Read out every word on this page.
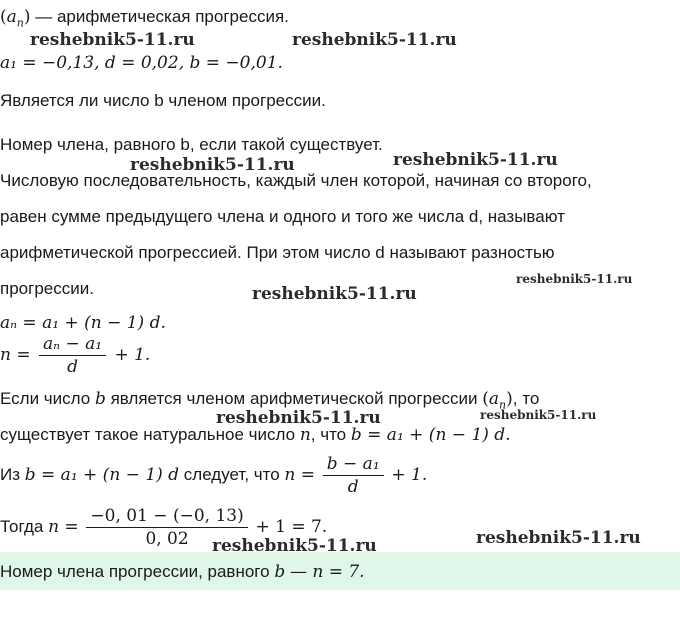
$(a_n)$ — арифметическая прогрессия.
a₁ = −0,13, d = 0,02, b = −0,01.
Является ли число b членом прогрессии.
Номер члена, равного b, если такой существует.
Числовую последовательность, каждый член которой, начиная со второго,
равен сумме предыдущего члена и одного и того же числа d, называют
арифметической прогрессией. При этом число d называют разностью
прогрессии.
aₙ = a₁ + (n − 1) d.
$n = \frac{\text{aₙ − a₁}}{d} + 1$.
Если число b является членом арифметической прогрессии $(a_n)$, то
существует такое натуральное число n, что b = a₁ + (n − 1) d.
Из b = a₁ + (n − 1) d следует, что $n = \frac{\text{b − a₁}}{d} + 1$.
Тогда $n = \frac{-0, 01 - (-0, 13)}{0, 02} + 1 = 7$.
Номер члена прогрессии, равного b — n = 7.
reshebnik5-11.ru	reshebnik5-11.ru
reshebnik5-11.ru	reshebnik5-11.ru
reshebnik5-11.ru
reshebnik5-11.ru
reshebnik5-11.ru	reshebnik5-11.ru
reshebnik5-11.ru	reshebnik5-11.ru
